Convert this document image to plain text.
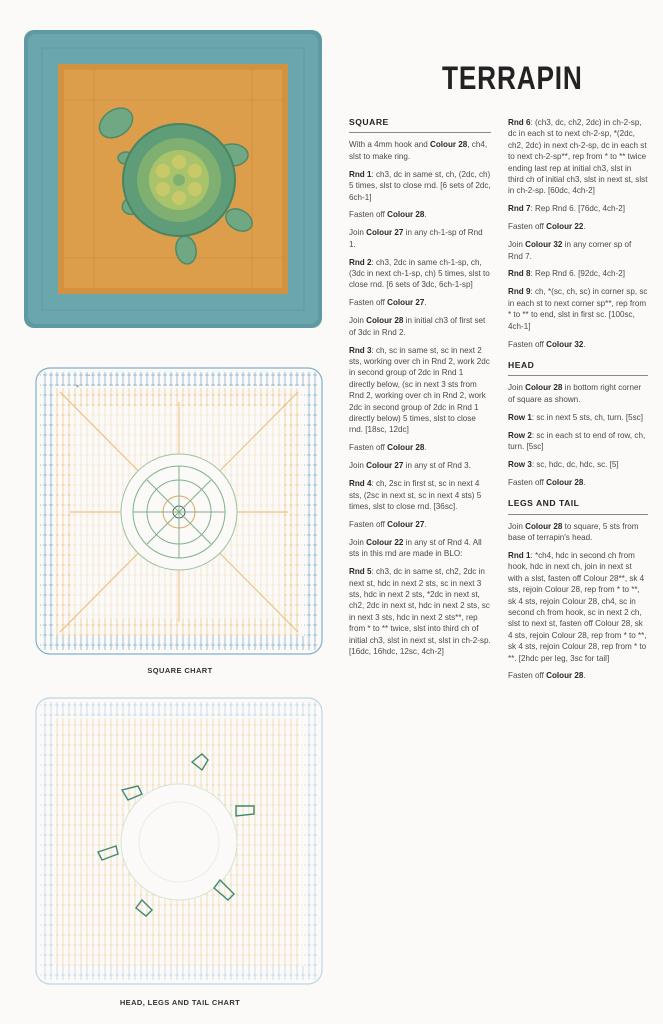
→
×
SQUARE CHART
HEAD, LEGS AND TAIL CHART
TERRAPIN
SQUARE

With a 4mm hook and Colour 28, ch4, slst to make ring.

Rnd 1: ch3, dc in same st, ch, (2dc, ch) 5 times, slst to close rnd. [6 sets of 2dc, 6ch-1]

Fasten off Colour 28.

Join Colour 27 in any ch-1-sp of Rnd 1.

Rnd 2: ch3, 2dc in same ch-1-sp, ch, (3dc in next ch-1-sp, ch) 5 times, slst to close rnd. [6 sets of 3dc, 6ch-1-sp]

Fasten off Colour 27.

Join Colour 28 in initial ch3 of first set of 3dc in Rnd 2.

Rnd 3: ch, sc in same st, sc in next 2 sts, working over ch in Rnd 2, work 2dc in second group of 2dc in Rnd 1 directly below, (sc in next 3 sts from Rnd 2, working over ch in Rnd 2, work 2dc in second group of 2dc in Rnd 1 directly below) 5 times, slst to close rnd. [18sc, 12dc]

Fasten off Colour 28.

Join Colour 27 in any st of Rnd 3.

Rnd 4: ch, 2sc in first st, sc in next 4 sts, (2sc in next st, sc in next 4 sts) 5 times, slst to close rnd. [36sc].

Fasten off Colour 27.

Join Colour 22 in any st of Rnd 4. All sts in this rnd are made in BLO:

Rnd 5: ch3, dc in same st, ch2, 2dc in next st, hdc in next 2 sts, sc in next 3 sts, hdc in next 2 sts, *2dc in next st, ch2, 2dc in next st, hdc in next 2 sts, sc in next 3 sts, hdc in next 2 sts**, rep from * to ** twice, slst into third ch of initial ch3, slst in next st, slst in ch-2-sp. [16dc, 16hdc, 12sc, 4ch-2]

Rnd 6: (ch3, dc, ch2, 2dc) in ch-2-sp, dc in each st to next ch-2-sp, *(2dc, ch2, 2dc) in next ch-2-sp, dc in each st to next ch-2-sp**, rep from * to ** twice ending last rep at initial ch3, slst in third ch of initial ch3, slst in next st, slst in ch-2-sp. [60dc, 4ch-2]

Rnd 7: Rep Rnd 6. [76dc, 4ch-2]

Fasten off Colour 22.

Join Colour 32 in any corner sp of Rnd 7.

Rnd 8: Rep Rnd 6. [92dc, 4ch-2]

Rnd 9: ch, *(sc, ch, sc) in corner sp, sc in each st to next corner sp**, rep from * to ** to end, slst in first sc. [100sc, 4ch-1]

Fasten off Colour 32.

HEAD

Join Colour 28 in bottom right corner of square as shown.

Row 1: sc in next 5 sts, ch, turn. [5sc]

Row 2: sc in each st to end of row, ch, turn. [5sc]

Row 3: sc, hdc, dc, hdc, sc. [5]

Fasten off Colour 28.

LEGS AND TAIL

Join Colour 28 to square, 5 sts from base of terrapin's head.

Rnd 1: *ch4, hdc in second ch from hook, hdc in next ch, join in next st with a slst, fasten off Colour 28**, sk 4 sts, rejoin Colour 28, rep from * to **, sk 4 sts, rejoin Colour 28, ch4, sc in second ch from hook, sc in next 2 ch, slst to next st, fasten off Colour 28, sk 4 sts, rejoin Colour 28, rep from * to **, sk 4 sts, rejoin Colour 28, rep from * to **. [2hdc per leg, 3sc for tail]

Fasten off Colour 28.
